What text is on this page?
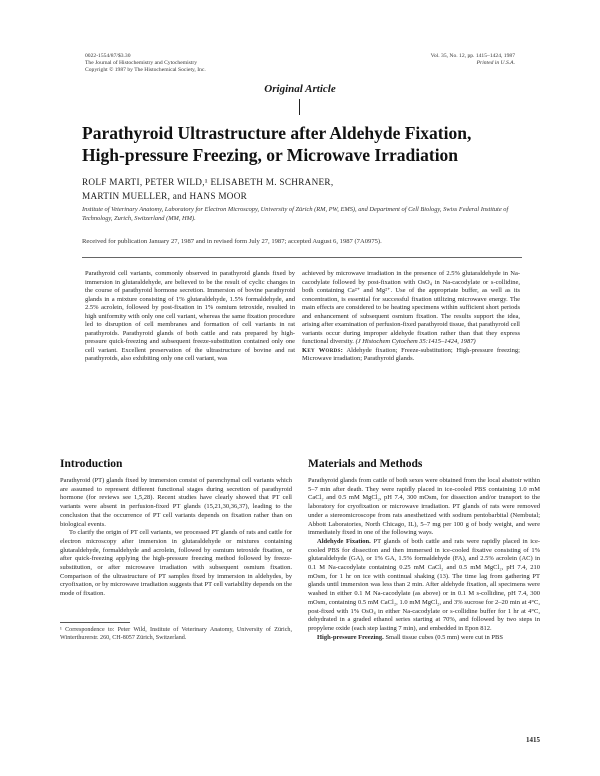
0022-1554/87/$3.30
The Journal of Histochemistry and Cytochemistry
Copyright © 1987 by The Histochemical Society, Inc.
Vol. 35, No. 12, pp. 1415–1424, 1987
Printed in U.S.A.
Original Article
Parathyroid Ultrastructure after Aldehyde Fixation,
High-pressure Freezing, or Microwave Irradiation
ROLF MARTI, PETER WILD,¹ ELISABETH M. SCHRANER,
MARTIN MUELLER, and HANS MOOR
Institute of Veterinary Anatomy, Laboratory for Electron Microscopy, University of Zürich (RM, PW, EMS), and Department of Cell Biology, Swiss Federal Institute of Technology, Zurich, Switzerland (MM, HM).
Received for publication January 27, 1987 and in revised form July 27, 1987; accepted August 6, 1987 (7A0975).
Parathyroid cell variants, commonly observed in parathyroid glands fixed by immersion in glutaraldehyde, are believed to be the result of cyclic changes in the course of parathyroid hormone secretion. Immersion of bovine parathyroid glands in a mixture consisting of 1% glutaraldehyde, 1.5% formaldehyde, and 2.5% acrolein, followed by post-fixation in 1% osmium tetroxide, resulted in high uniformity with only one cell variant, whereas the same fixation procedure led to disruption of cell membranes and formation of cell variants in rat parathyroids. Parathyroid glands of both cattle and rats prepared by high-pressure quick-freezing and subsequent freeze-substitution contained only one cell variant. Excellent preservation of the ultrastructure of bovine and rat parathyroids, also exhibiting only one cell variant, was
achieved by microwave irradiation in the presence of 2.5% glutaraldehyde in Na-cacodylate followed by post-fixation with OsO₄ in Na-cacodylate or s-collidine, both containing Ca²⁺ and Mg²⁺. Use of the appropriate buffer, as well as its concentration, is essential for successful fixation utilizing microwave energy. The main effects are considered to be heating specimens within sufficient short periods and enhancement of subsequent osmium fixation. The results support the idea, arising after examination of perfusion-fixed parathyroid tissue, that parathyroid cell variants occur during improper aldehyde fixation rather than that they express functional diversity. (J Histochem Cytochem 35:1415–1424, 1987)
Key Words: Aldehyde fixation; Freeze-substitution; High-pressure freezing; Microwave irradiation; Parathyroid glands.
Introduction

Parathyroid (PT) glands fixed by immersion consist of parenchymal cell variants which are assumed to represent different functional stages during secretion of parathyroid hormone (for reviews see 1,5,28). Recent studies have clearly showed that PT cell variants were absent in perfusion-fixed PT glands (15,21,30,36,37), leading to the conclusion that the occurrence of PT cell variants depends on fixation rather than on biological events.

To clarify the origin of PT cell variants, we processed PT glands of rats and cattle for electron microscopy after immersion in glutaraldehyde or mixtures containing glutaraldehyde, formaldehyde and acrolein, followed by osmium tetroxide fixation, or after quick-freezing applying the high-pressure freezing method followed by freeze-substitution, or after microwave irradiation with subsequent osmium fixation. Comparison of the ultrastructure of PT samples fixed by immersion in aldehydes, by cryofixation, or by microwave irradiation suggests that PT cell variability depends on the mode of fixation.

¹ Correspondence to: Peter Wild, Institute of Veterinary Anatomy, University of Zürich, Winterthurerstr. 260, CH-8057 Zürich, Switzerland.
Materials and Methods

Parathyroid glands from cattle of both sexes were obtained from the local abattoir within 5–7 min after death. They were rapidly placed in ice-cooled PBS containing 1.0 mM CaCl₂ and 0.5 mM MgCl₂, pH 7.4, 300 mOsm, for dissection and/or transport to the laboratory for cryofixation or microwave irradiation. PT glands of rats were removed under a stereomicroscope from rats anesthetized with sodium pentobarbital (Nembutal; Abbott Laboratories, North Chicago, IL), 5–7 mg per 100 g of body weight, and were immediately fixed in one of the following ways.

Aldehyde Fixation. PT glands of both cattle and rats were rapidly placed in ice-cooled PBS for dissection and then immersed in ice-cooled fixative consisting of 1% glutaraldehyde (GA), or 1% GA, 1.5% formaldehyde (FA), and 2.5% acrolein (AC) in 0.1 M Na-cacodylate containing 0.25 mM CaCl₂ and 0.5 mM MgCl₂, pH 7.4, 210 mOsm, for 1 hr on ice with continual shaking (13). The time lag from gathering PT glands until immersion was less than 2 min. After aldehyde fixation, all specimens were washed in either 0.1 M Na-cacodylate (as above) or in 0.1 M s-collidine, pH 7.4, 300 mOsm, containing 0.5 mM CaCl₂, 1.0 mM MgCl₂, and 3% sucrose for 2–20 min at 4°C, post-fixed with 1% OsO₄ in either Na-cacodylate or s-collidine buffer for 1 hr at 4°C, dehydrated in a graded ethanol series starting at 70%, and followed by two steps in propylene oxide (each step lasting 7 min), and embedded in Epon 812.

High-pressure Freezing. Small tissue cubes (0.5 mm) were cut in PBS

1415
